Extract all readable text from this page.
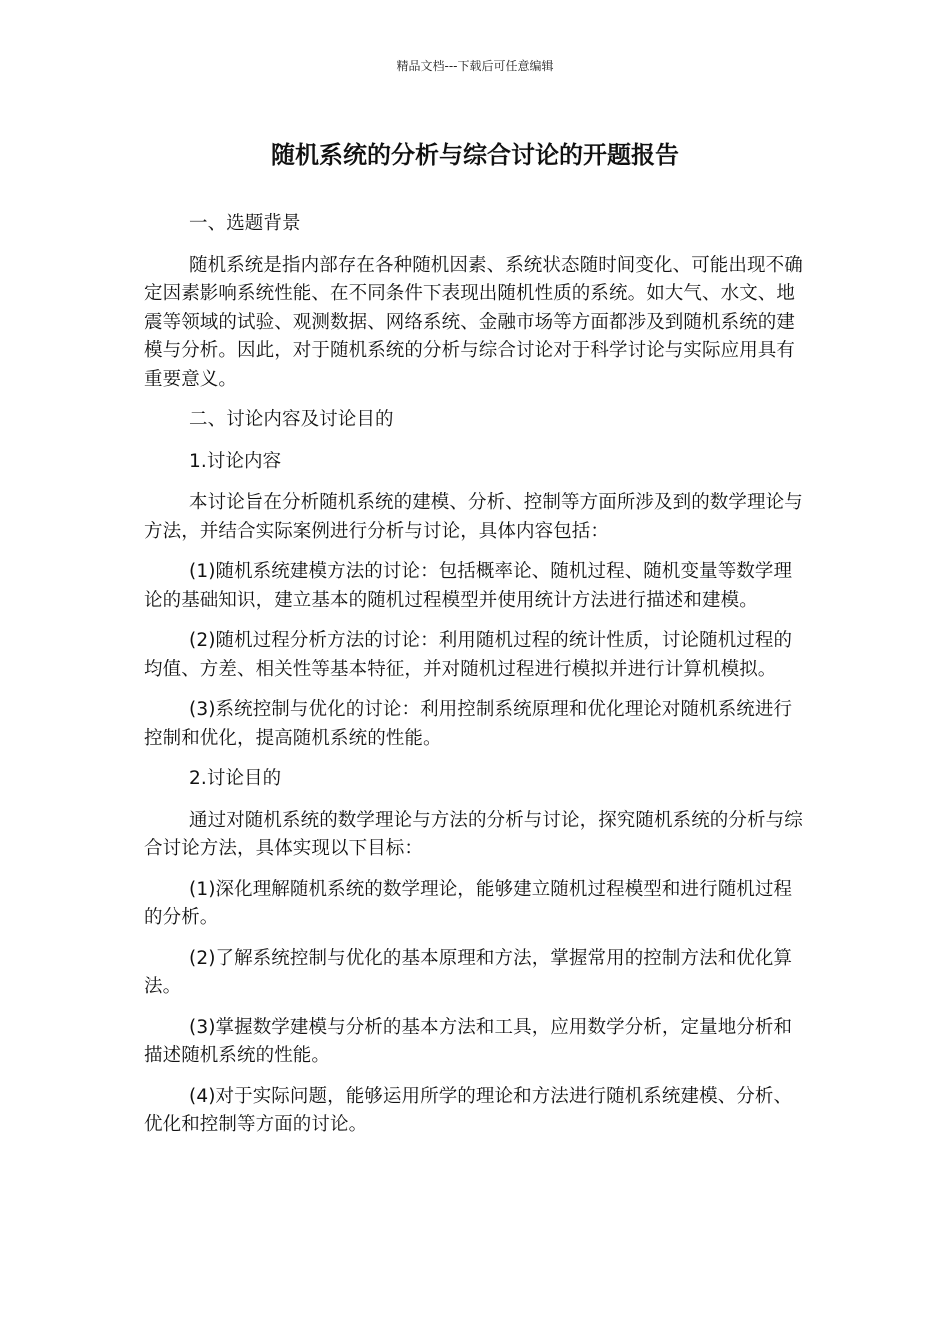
精品文档---下载后可任意编辑
随机系统的分析与综合讨论的开题报告
一、选题背景
随机系统是指内部存在各种随机因素、系统状态随时间变化、可能出现不确定因素影响系统性能、在不同条件下表现出随机性质的系统。如大气、水文、地震等领域的试验、观测数据、网络系统、金融市场等方面都涉及到随机系统的建模与分析。因此，对于随机系统的分析与综合讨论对于科学讨论与实际应用具有重要意义。
二、讨论内容及讨论目的
1.讨论内容
本讨论旨在分析随机系统的建模、分析、控制等方面所涉及到的数学理论与方法，并结合实际案例进行分析与讨论，具体内容包括：
(1)随机系统建模方法的讨论：包括概率论、随机过程、随机变量等数学理论的基础知识，建立基本的随机过程模型并使用统计方法进行描述和建模。
(2)随机过程分析方法的讨论：利用随机过程的统计性质，讨论随机过程的均值、方差、相关性等基本特征，并对随机过程进行模拟并进行计算机模拟。
(3)系统控制与优化的讨论：利用控制系统原理和优化理论对随机系统进行控制和优化，提高随机系统的性能。
2.讨论目的
通过对随机系统的数学理论与方法的分析与讨论，探究随机系统的分析与综合讨论方法，具体实现以下目标：
(1)深化理解随机系统的数学理论，能够建立随机过程模型和进行随机过程的分析。
(2)了解系统控制与优化的基本原理和方法，掌握常用的控制方法和优化算法。
(3)掌握数学建模与分析的基本方法和工具，应用数学分析，定量地分析和描述随机系统的性能。
(4)对于实际问题，能够运用所学的理论和方法进行随机系统建模、分析、优化和控制等方面的讨论。
